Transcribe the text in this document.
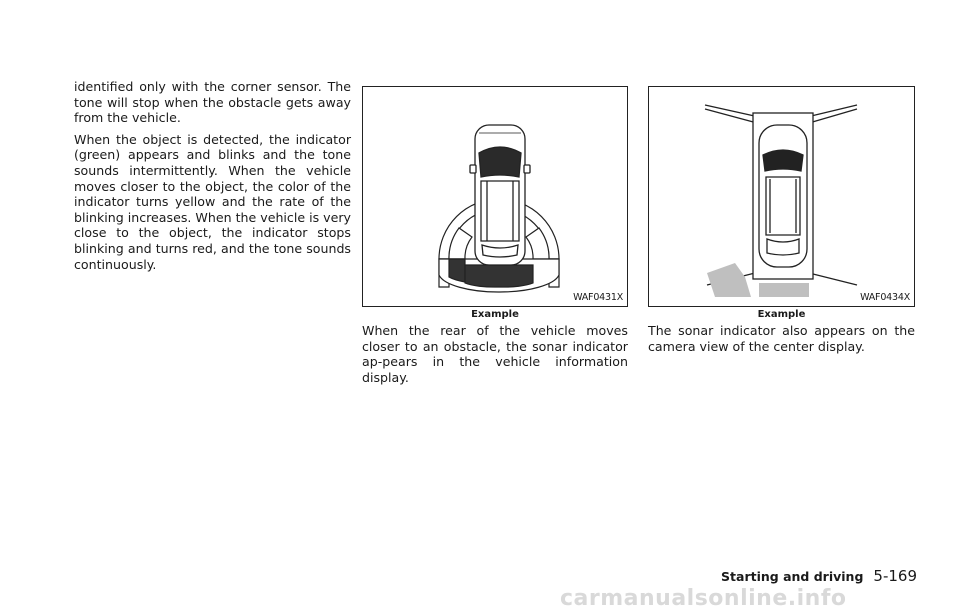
identified only with the corner sensor. The tone will stop when the obstacle gets away from the vehicle.

When the object is detected, the indicator (green) appears and blinks and the tone sounds intermittently. When the vehicle moves closer to the object, the color of the indicator turns yellow and the rate of the blinking increases. When the vehicle is very close to the object, the indicator stops blinking and turns red, and the tone sounds continuously.

WAF0431X
Example

When the rear of the vehicle moves closer to an obstacle, the sonar indicator ap-pears in the vehicle information display.

WAF0434X
Example

The sonar indicator also appears on the camera view of the center display.

Starting and driving 5-169
carmanualsonline.info
